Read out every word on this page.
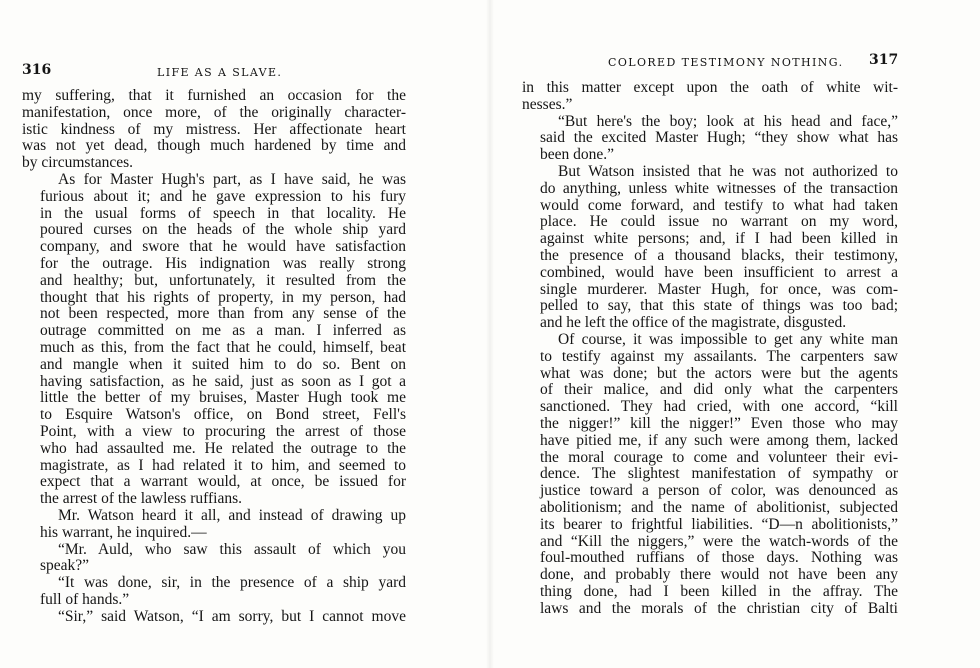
316	LIFE AS A SLAVE.

my suffering, that it furnished an occasion for the
manifestation, once more, of the originally character-
istic kindness of my mistress. Her affectionate heart
was not yet dead, though much hardened by time and
by circumstances.

As for Master Hugh's part, as I have said, he was
furious about it; and he gave expression to his fury
in the usual forms of speech in that locality. He
poured curses on the heads of the whole ship yard
company, and swore that he would have satisfaction
for the outrage. His indignation was really strong
and healthy; but, unfortunately, it resulted from the
thought that his rights of property, in my person, had
not been respected, more than from any sense of the
outrage committed on me as a man. I inferred as
much as this, from the fact that he could, himself, beat
and mangle when it suited him to do so. Bent on
having satisfaction, as he said, just as soon as I got a
little the better of my bruises, Master Hugh took me
to Esquire Watson's office, on Bond street, Fell's
Point, with a view to procuring the arrest of those
who had assaulted me. He related the outrage to the
magistrate, as I had related it to him, and seemed to
expect that a warrant would, at once, be issued for
the arrest of the lawless ruffians.

Mr. Watson heard it all, and instead of drawing up
his warrant, he inquired.—

“Mr. Auld, who saw this assault of which you
speak?”

“It was done, sir, in the presence of a ship yard
full of hands.”

“Sir,” said Watson, “I am sorry, but I cannot move

COLORED TESTIMONY NOTHING. 317

in this matter except upon the oath of white wit-
nesses.”

“But here's the boy; look at his head and face,”
said the excited Master Hugh; “they show what has
been done.”

But Watson insisted that he was not authorized to
do anything, unless white witnesses of the transaction
would come forward, and testify to what had taken
place. He could issue no warrant on my word,
against white persons; and, if I had been killed in
the presence of a thousand blacks, their testimony,
combined, would have been insufficient to arrest a
single murderer. Master Hugh, for once, was com-
pelled to say, that this state of things was too bad;
and he left the office of the magistrate, disgusted.

Of course, it was impossible to get any white man
to testify against my assailants. The carpenters saw
what was done; but the actors were but the agents
of their malice, and did only what the carpenters
sanctioned. They had cried, with one accord, “kill
the nigger!” kill the nigger!” Even those who may
have pitied me, if any such were among them, lacked
the moral courage to come and volunteer their evi-
dence. The slightest manifestation of sympathy or
justice toward a person of color, was denounced as
abolitionism; and the name of abolitionist, subjected
its bearer to frightful liabilities. “D—n abolitionists,”
and “Kill the niggers,” were the watch-words of the
foul-mouthed ruffians of those days. Nothing was
done, and probably there would not have been any
thing done, had I been killed in the affray. The
laws and the morals of the christian city of Balti
